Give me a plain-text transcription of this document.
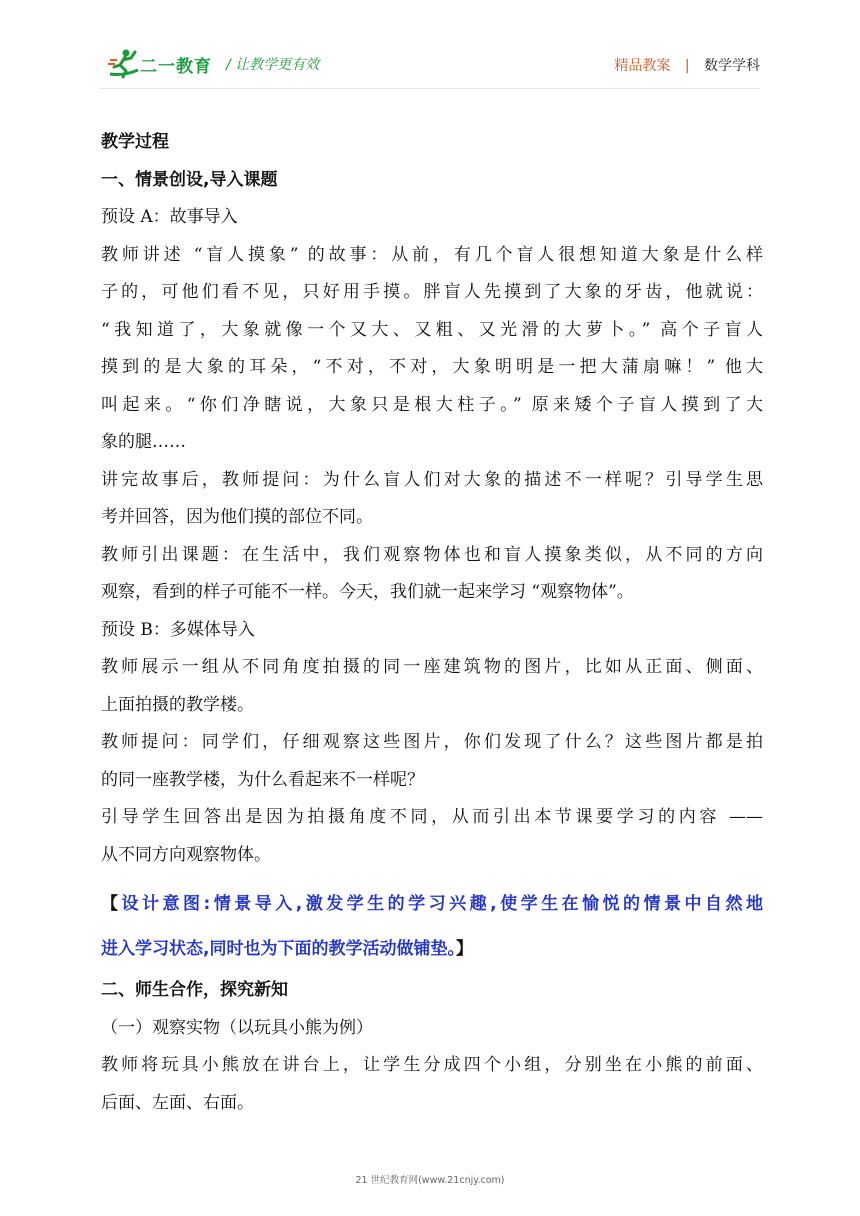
二一教育 / 让教学更有效	精品教案 | 数学学科
教学过程
一、情景创设,导入课题
预设 A：故事导入
教师讲述 “盲人摸象” 的故事：从前，有几个盲人很想知道大象是什么样
子的，可他们看不见，只好用手摸。胖盲人先摸到了大象的牙齿，他就说：
“我知道了，大象就像一个又大、又粗、又光滑的大萝卜。” 高个子盲人
摸到的是大象的耳朵，“不对，不对，大象明明是一把大蒲扇嘛！” 他大
叫起来。“你们净瞎说，大象只是根大柱子。” 原来矮个子盲人摸到了大
象的腿……
讲完故事后，教师提问：为什么盲人们对大象的描述不一样呢？引导学生思
考并回答，因为他们摸的部位不同。
教师引出课题：在生活中，我们观察物体也和盲人摸象类似，从不同的方向
观察，看到的样子可能不一样。今天，我们就一起来学习 “观察物体”。
预设 B：多媒体导入
教师展示一组从不同角度拍摄的同一座建筑物的图片，比如从正面、侧面、
上面拍摄的教学楼。
教师提问：同学们，仔细观察这些图片，你们发现了什么？这些图片都是拍
的同一座教学楼，为什么看起来不一样呢？
引导学生回答出是因为拍摄角度不同，从而引出本节课要学习的内容 ——
从不同方向观察物体。
【设计意图:情景导入,激发学生的学习兴趣,使学生在愉悦的情景中自然地
进入学习状态,同时也为下面的教学活动做铺垫。】
二、师生合作，探究新知
（一）观察实物（以玩具小熊为例）
教师将玩具小熊放在讲台上，让学生分成四个小组，分别坐在小熊的前面、
后面、左面、右面。
21 世纪教育网(www.21cnjy.com)
